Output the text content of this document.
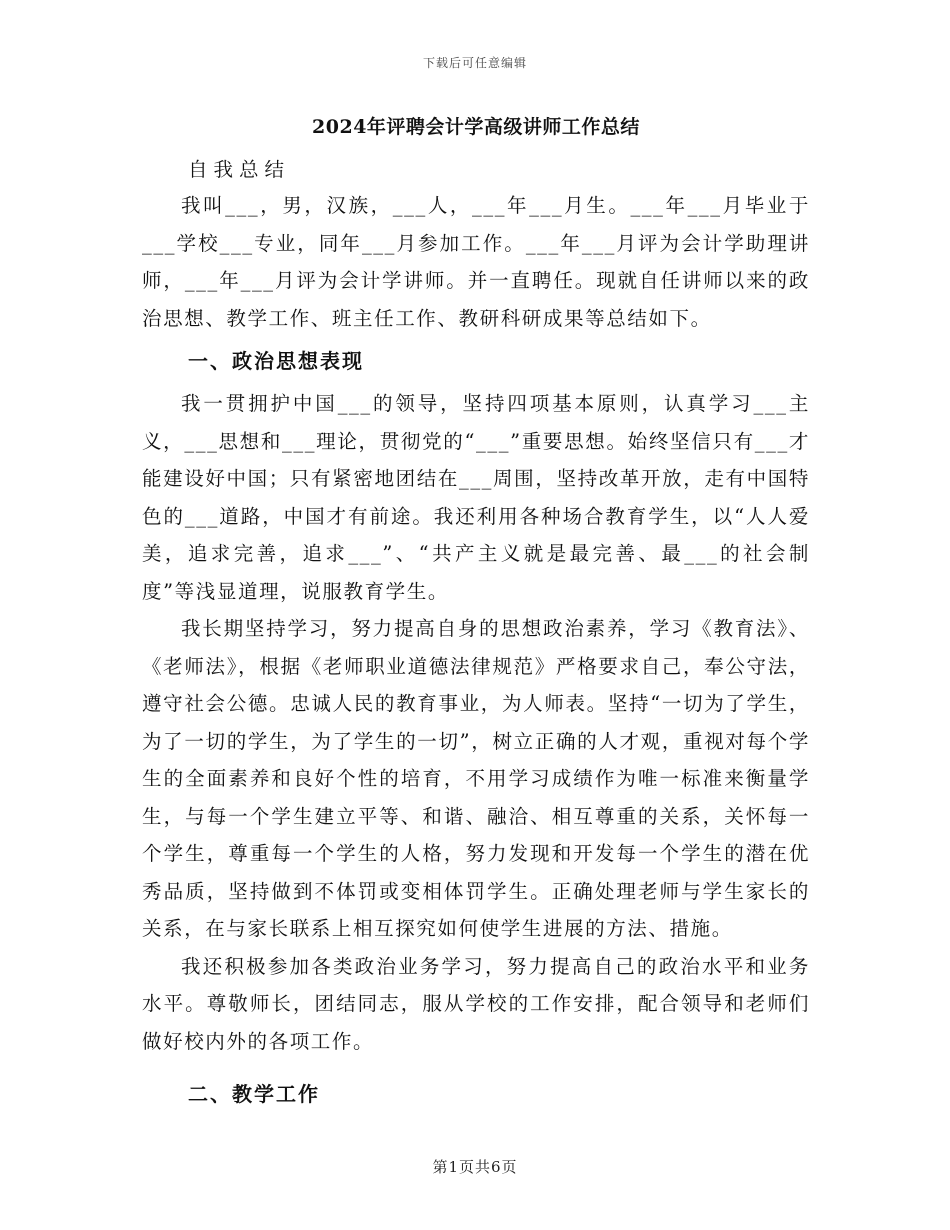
下载后可任意编辑
2024年评聘会计学高级讲师工作总结

自我总结

我叫___，男，汉族，___人，___年___月生。___年___月毕业于___学校___专业，同年___月参加工作。___年___月评为会计学助理讲师，___年___月评为会计学讲师。并一直聘任。现就自任讲师以来的政治思想、教学工作、班主任工作、教研科研成果等总结如下。

一、政治思想表现

我一贯拥护中国___的领导，坚持四项基本原则，认真学习___主义，___思想和___理论，贯彻党的“___”重要思想。始终坚信只有___才能建设好中国；只有紧密地团结在___周围，坚持改革开放，走有中国特色的___道路，中国才有前途。我还利用各种场合教育学生，以“人人爱美，追求完善，追求___”、“共产主义就是最完善、最___的社会制度”等浅显道理，说服教育学生。

我长期坚持学习，努力提高自身的思想政治素养，学习《教育法》、《老师法》，根据《老师职业道德法律规范》严格要求自己，奉公守法，遵守社会公德。忠诚人民的教育事业，为人师表。坚持“一切为了学生，为了一切的学生，为了学生的一切”，树立正确的人才观，重视对每个学生的全面素养和良好个性的培育，不用学习成绩作为唯一标准来衡量学生，与每一个学生建立平等、和谐、融洽、相互尊重的关系，关怀每一个学生，尊重每一个学生的人格，努力发现和开发每一个学生的潜在优秀品质，坚持做到不体罚或变相体罚学生。正确处理老师与学生家长的关系，在与家长联系上相互探究如何使学生进展的方法、措施。

我还积极参加各类政治业务学习，努力提高自己的政治水平和业务水平。尊敬师长，团结同志，服从学校的工作安排，配合领导和老师们做好校内外的各项工作。

二、教学工作
第1页共6页
